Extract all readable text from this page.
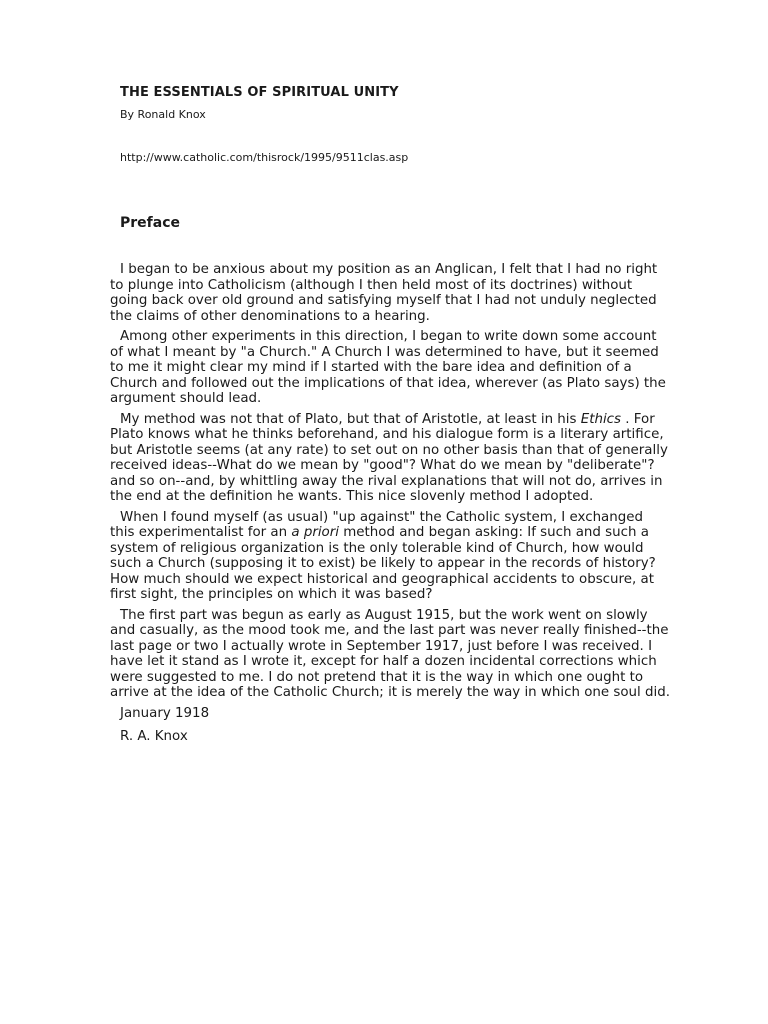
THE ESSENTIALS OF SPIRITUAL UNITY
By Ronald Knox
http://www.catholic.com/thisrock/1995/9511clas.asp
Preface

I began to be anxious about my position as an Anglican, I felt that I had no right to plunge into Catholicism (although I then held most of its doctrines) without going back over old ground and satisfying myself that I had not unduly neglected the claims of other denominations to a hearing.

Among other experiments in this direction, I began to write down some account of what I meant by "a Church." A Church I was determined to have, but it seemed to me it might clear my mind if I started with the bare idea and definition of a Church and followed out the implications of that idea, wherever (as Plato says) the argument should lead.

My method was not that of Plato, but that of Aristotle, at least in his Ethics . For Plato knows what he thinks beforehand, and his dialogue form is a literary artifice, but Aristotle seems (at any rate) to set out on no other basis than that of generally received ideas--What do we mean by "good"? What do we mean by "deliberate"? and so on--and, by whittling away the rival explanations that will not do, arrives in the end at the definition he wants. This nice slovenly method I adopted.

When I found myself (as usual) "up against" the Catholic system, I exchanged this experimentalist for an a priori method and began asking: If such and such a system of religious organization is the only tolerable kind of Church, how would such a Church (supposing it to exist) be likely to appear in the records of history? How much should we expect historical and geographical accidents to obscure, at first sight, the principles on which it was based?

The first part was begun as early as August 1915, but the work went on slowly and casually, as the mood took me, and the last part was never really finished--the last page or two I actually wrote in September 1917, just before I was received. I have let it stand as I wrote it, except for half a dozen incidental corrections which were suggested to me. I do not pretend that it is the way in which one ought to arrive at the idea of the Catholic Church; it is merely the way in which one soul did.

January 1918
R. A. Knox
